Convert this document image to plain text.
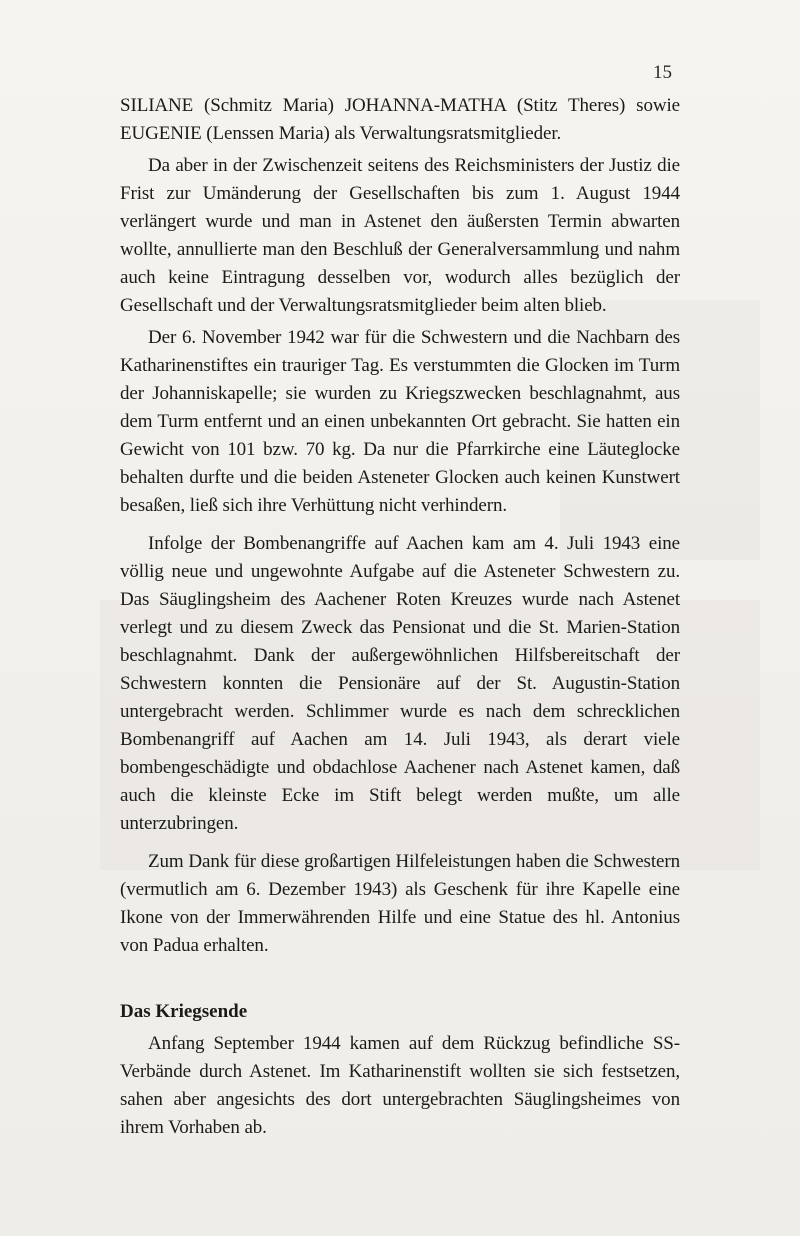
15

SILIANE (Schmitz Maria) JOHANNA-MATHA (Stitz Theres) sowie EUGENIE (Lenssen Maria) als Verwaltungsratsmitglieder.

Da aber in der Zwischenzeit seitens des Reichsministers der Justiz die Frist zur Umänderung der Gesellschaften bis zum 1. August 1944 verlängert wurde und man in Astenet den äußersten Termin abwarten wollte, annullierte man den Beschluß der Generalversammlung und nahm auch keine Eintragung desselben vor, wodurch alles bezüglich der Gesellschaft und der Verwaltungsratsmitglieder beim alten blieb.

Der 6. November 1942 war für die Schwestern und die Nachbarn des Katharinenstiftes ein trauriger Tag. Es verstummten die Glocken im Turm der Johanniskapelle; sie wurden zu Kriegszwecken beschlagnahmt, aus dem Turm entfernt und an einen unbekannten Ort gebracht. Sie hatten ein Gewicht von 101 bzw. 70 kg. Da nur die Pfarrkirche eine Läuteglocke behalten durfte und die beiden Asteneter Glocken auch keinen Kunstwert besaßen, ließ sich ihre Verhüttung nicht verhindern.

Infolge der Bombenangriffe auf Aachen kam am 4. Juli 1943 eine völlig neue und ungewohnte Aufgabe auf die Asteneter Schwestern zu. Das Säuglingsheim des Aachener Roten Kreuzes wurde nach Astenet verlegt und zu diesem Zweck das Pensionat und die St. Marien-Station beschlagnahmt. Dank der außergewöhnlichen Hilfsbereitschaft der Schwestern konnten die Pensionäre auf der St. Augustin-Station untergebracht werden. Schlimmer wurde es nach dem schrecklichen Bombenangriff auf Aachen am 14. Juli 1943, als derart viele bombengeschädigte und obdachlose Aachener nach Astenet kamen, daß auch die kleinste Ecke im Stift belegt werden mußte, um alle unterzubringen.

Zum Dank für diese großartigen Hilfeleistungen haben die Schwestern (vermutlich am 6. Dezember 1943) als Geschenk für ihre Kapelle eine Ikone von der Immerwährenden Hilfe und eine Statue des hl. Antonius von Padua erhalten.

Das Kriegsende

Anfang September 1944 kamen auf dem Rückzug befindliche SS-Verbände durch Astenet. Im Katharinenstift wollten sie sich festsetzen, sahen aber angesichts des dort untergebrachten Säuglingsheimes von ihrem Vorhaben ab.
